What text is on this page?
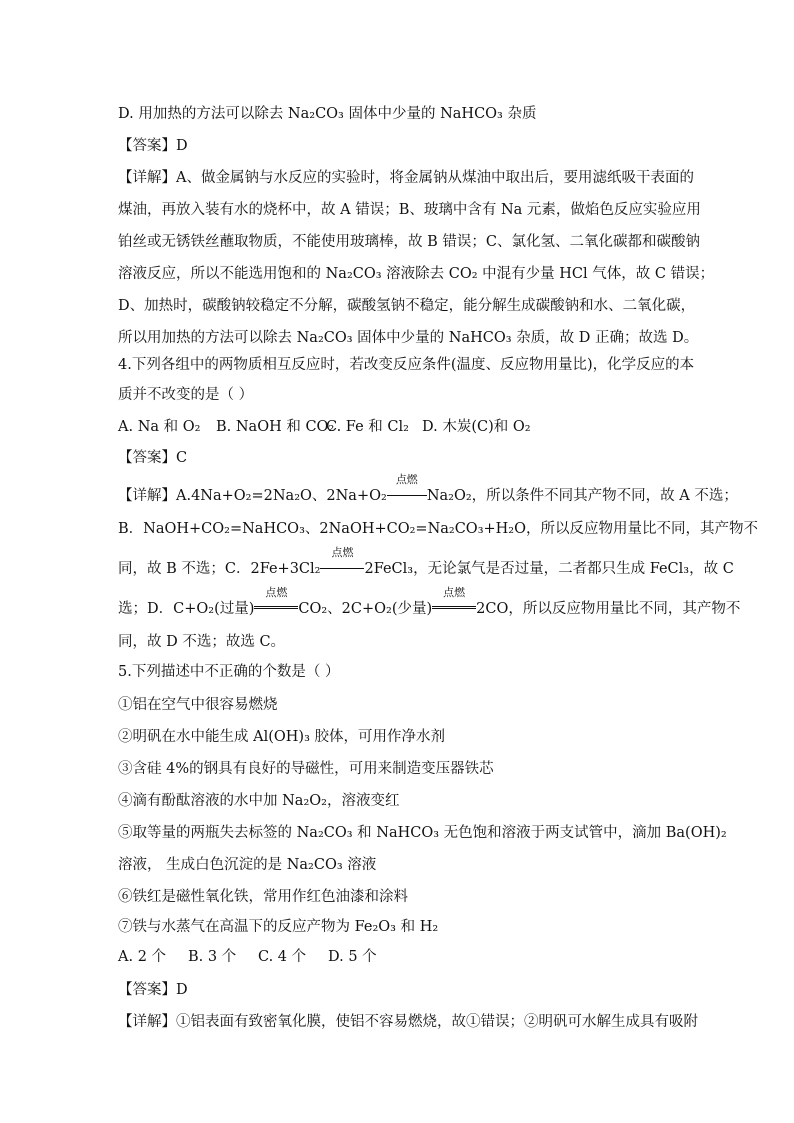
D. 用加热的方法可以除去 Na₂CO₃ 固体中少量的 NaHCO₃ 杂质
【答案】D
【详解】A、做金属钠与水反应的实验时，将金属钠从煤油中取出后，要用滤纸吸干表面的
煤油，再放入装有水的烧杯中，故 A 错误；B、玻璃中含有 Na 元素，做焰色反应实验应用
铂丝或无锈铁丝蘸取物质，不能使用玻璃棒，故 B 错误；C、氯化氢、二氧化碳都和碳酸钠
溶液反应，所以不能选用饱和的 Na₂CO₃ 溶液除去 CO₂ 中混有少量 HCl 气体，故 C 错误；
D、加热时，碳酸钠较稳定不分解，碳酸氢钠不稳定，能分解生成碳酸钠和水、二氧化碳，
所以用加热的方法可以除去 Na₂CO₃ 固体中少量的 NaHCO₃ 杂质，故 D 正确；故选 D。
4.下列各组中的两物质相互反应时，若改变反应条件(温度、反应物用量比)，化学反应的本
质并不改变的是（ ）
A. Na 和 O₂ B. NaOH 和 CO₂C. Fe 和 Cl₂ D. 木炭(C)和 O₂
【答案】C
【详解】A.4Na+O₂=2Na₂O、2Na+O₂
点燃
Na₂O₂，所以条件不同其产物不同，故 A 不选；
B．NaOH+CO₂=NaHCO₃、2NaOH+CO₂=Na₂CO₃+H₂O，所以反应物用量比不同，其产物不
同，故 B 不选；C．2Fe+3Cl₂
点燃
2FeCl₃，无论氯气是否过量，二者都只生成 FeCl₃，故 C
选；D．C+O₂(过量)
点燃
CO₂、2C+O₂(少量)
点燃
2CO，所以反应物用量比不同，其产物不
同，故 D 不选；故选 C。
5.下列描述中不正确的个数是（ ）
①铝在空气中很容易燃烧
②明矾在水中能生成 Al(OH)₃ 胶体，可用作净水剂
③含硅 4%的钢具有良好的导磁性，可用来制造变压器铁芯
④滴有酚酞溶液的水中加 Na₂O₂，溶液变红
⑤取等量的两瓶失去标签的 Na₂CO₃ 和 NaHCO₃ 无色饱和溶液于两支试管中，滴加 Ba(OH)₂
溶液， 生成白色沉淀的是 Na₂CO₃ 溶液
⑥铁红是磁性氧化铁，常用作红色油漆和涂料
⑦铁与水蒸气在高温下的反应产物为 Fe₂O₃ 和 H₂
A. 2 个 B. 3 个 C. 4 个 D. 5 个
【答案】D
【详解】①铝表面有致密氧化膜，使铝不容易燃烧，故①错误；②明矾可水解生成具有吸附
